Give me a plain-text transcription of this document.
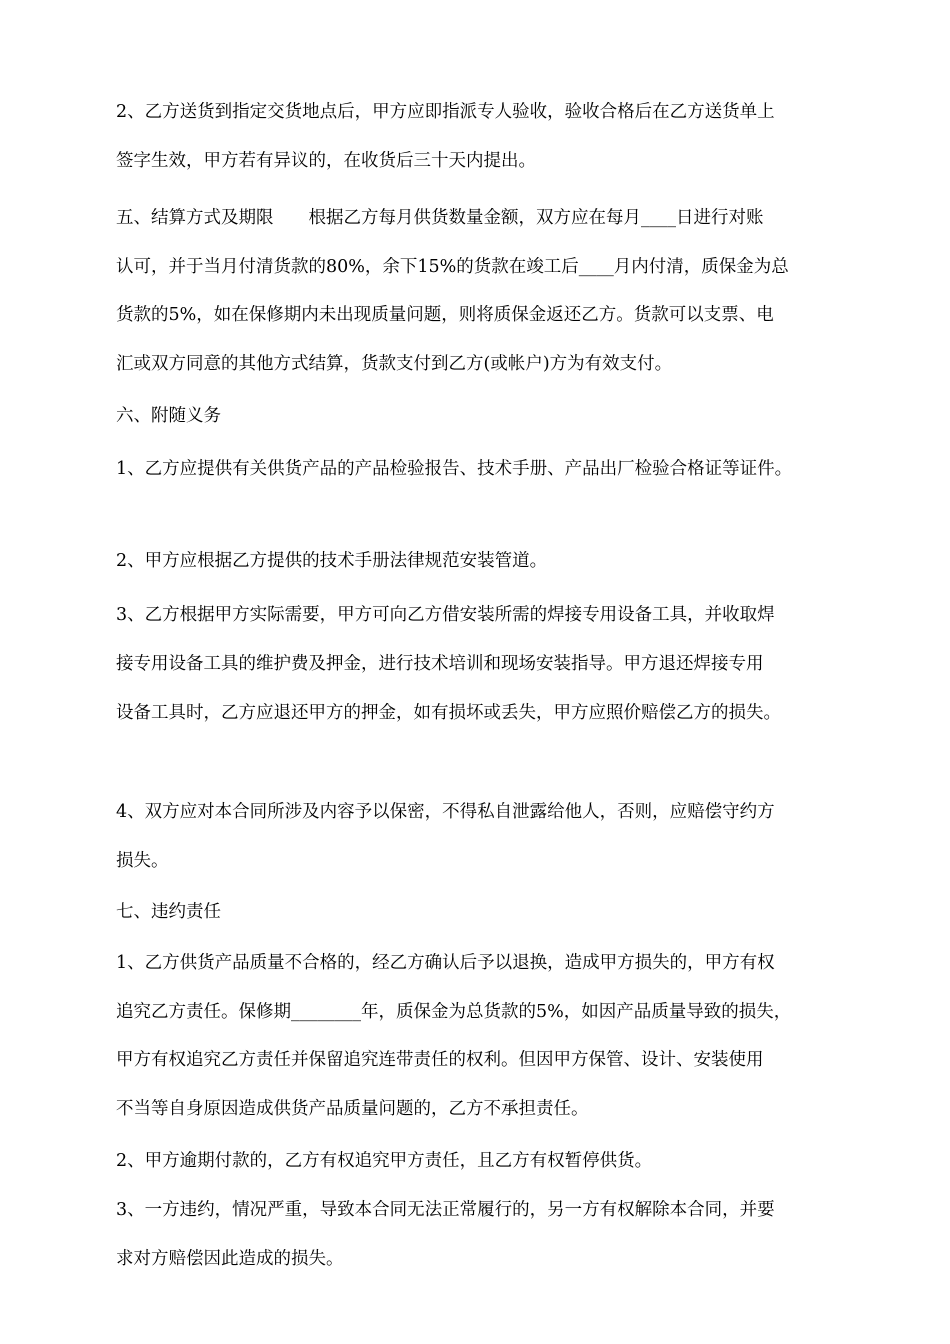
2、乙方送货到指定交货地点后，甲方应即指派专人验收，验收合格后在乙方送货单上

签字生效，甲方若有异议的，在收货后三十天内提出。

五、结算方式及期限　　根据乙方每月供货数量金额，双方应在每月____日进行对账

认可，并于当月付清货款的80%，余下15%的货款在竣工后____月内付清，质保金为总

货款的5%，如在保修期内未出现质量问题，则将质保金返还乙方。货款可以支票、电

汇或双方同意的其他方式结算，货款支付到乙方(或帐户)方为有效支付。

六、附随义务

1、乙方应提供有关供货产品的产品检验报告、技术手册、产品出厂检验合格证等证件。

2、甲方应根据乙方提供的技术手册法律规范安装管道。

3、乙方根据甲方实际需要，甲方可向乙方借安装所需的焊接专用设备工具，并收取焊

接专用设备工具的维护费及押金，进行技术培训和现场安装指导。甲方退还焊接专用

设备工具时，乙方应退还甲方的押金，如有损坏或丢失，甲方应照价赔偿乙方的损失。

4、双方应对本合同所涉及内容予以保密，不得私自泄露给他人，否则，应赔偿守约方

损失。

七、违约责任

1、乙方供货产品质量不合格的，经乙方确认后予以退换，造成甲方损失的，甲方有权

追究乙方责任。保修期________年，质保金为总货款的5%，如因产品质量导致的损失，

甲方有权追究乙方责任并保留追究连带责任的权利。但因甲方保管、设计、安装使用

不当等自身原因造成供货产品质量问题的，乙方不承担责任。

2、甲方逾期付款的，乙方有权追究甲方责任，且乙方有权暂停供货。

3、一方违约，情况严重，导致本合同无法正常履行的，另一方有权解除本合同，并要

求对方赔偿因此造成的损失。
